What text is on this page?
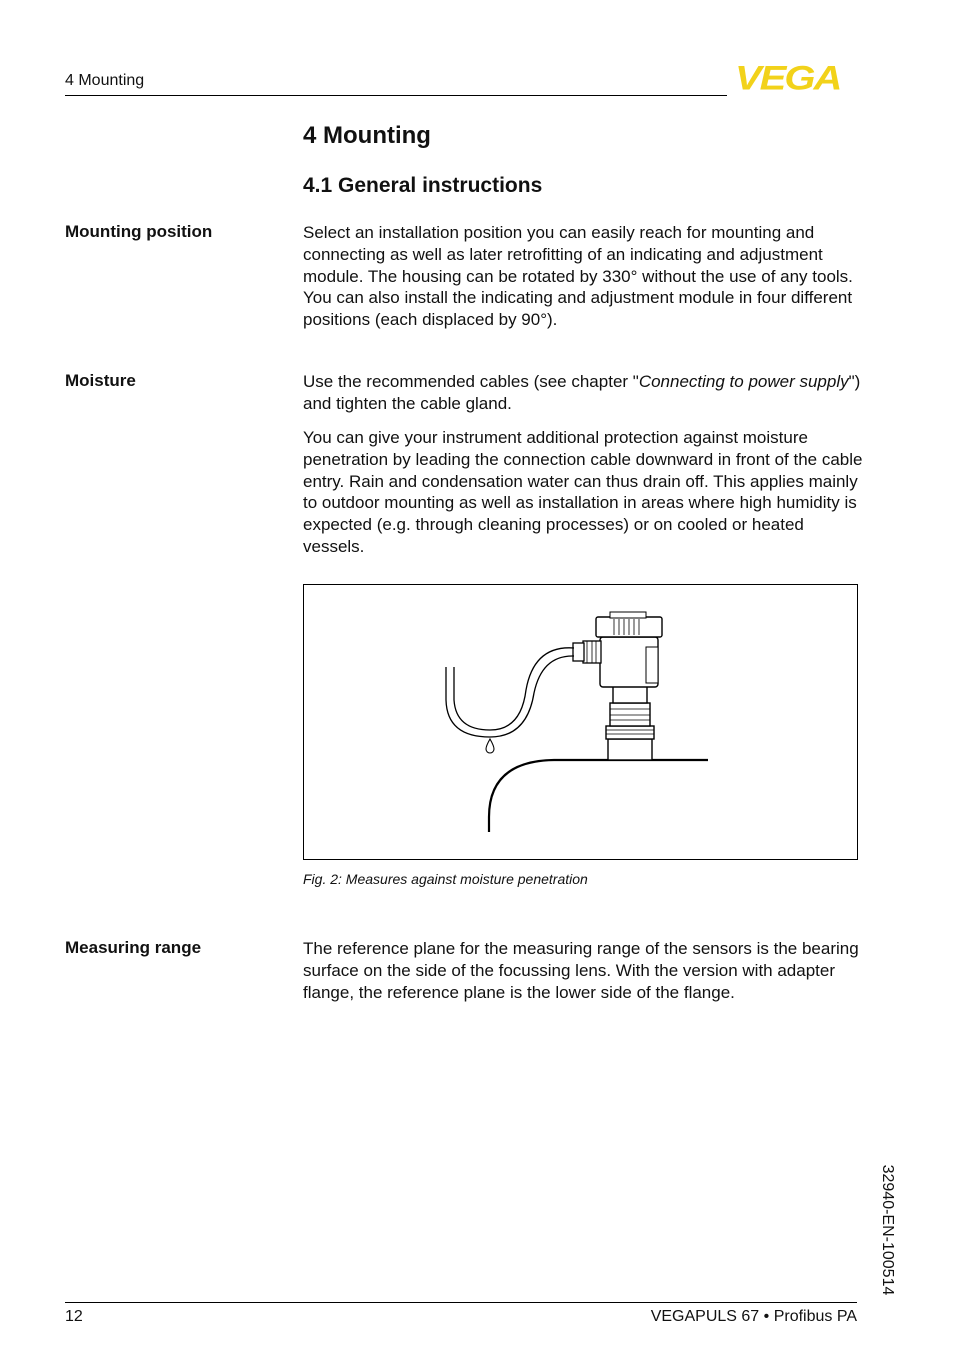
4 Mounting	VEGA
4 Mounting
4.1 General instructions
Mounting position	Select an installation position you can easily reach for mounting and connecting as well as later retrofitting of an indicating and adjustment module. The housing can be rotated by 330° without the use of any tools. You can also install the indicating and adjustment module in four different positions (each displaced by 90°).

Moisture	Use the recommended cables (see chapter "Connecting to power supply") and tighten the cable gland.

You can give your instrument additional protection against moisture penetration by leading the connection cable downward in front of the cable entry. Rain and condensation water can thus drain off. This applies mainly to outdoor mounting as well as installation in areas where high humidity is expected (e.g. through cleaning processes) or on cooled or heated vessels.

Fig. 2: Measures against moisture penetration
Measuring range	The reference plane for the measuring range of the sensors is the bearing surface on the side of the focussing lens. With the version with adapter flange, the reference plane is the lower side of the flange.

32940-EN-100514
12	VEGAPULS 67 • Profibus PA
